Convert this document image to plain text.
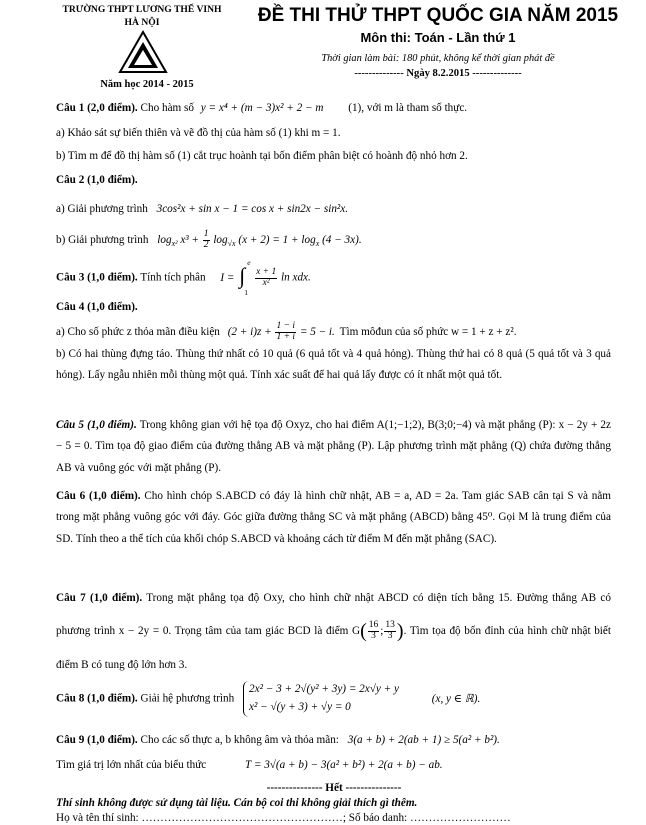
TRƯỜNG THPT LƯƠNG THẾ VINH
HÀ NỘI
Năm học 2014 - 2015
ĐỀ THI THỬ THPT QUỐC GIA NĂM 2015
Môn thi: Toán - Lần thứ 1
Thời gian làm bài: 180 phút, không kể thời gian phát đề
-------------- Ngày 8.2.2015 --------------
Câu 1 (2,0 điểm). Cho hàm số y = x⁴ + (m − 3)x² + 2 − m (1), với m là tham số thực.
a) Khảo sát sự biến thiên và vẽ đồ thị của hàm số (1) khi m = 1.
b) Tìm m để đồ thị hàm số (1) cắt trục hoành tại bốn điểm phân biệt có hoành độ nhỏ hơn 2.
Câu 2 (1,0 điểm).
a) Giải phương trình 3cos²x + sin x − 1 = cos x + sin2x − sin²x.
b) Giải phương trình $\log_{x^2} x^3 + \frac{1}{2} \log_{√x} (x + 2) = 1 + \log_x (4 - 3x)$.
Câu 3 (1,0 điểm). Tính tích phân I = ∫
e
1

$\frac{x + 1}{\text{x²}}$ ln xdx.
Câu 4 (1,0 điểm).
a) Cho số phức z thỏa mãn điều kiện $(2 + i)z + \frac{1 - i}{1 + i} = 5 - i$. Tìm môđun của số phức w = 1 + z + z².
b) Có hai thùng đựng táo. Thùng thứ nhất có 10 quả (6 quả tốt và 4 quả hỏng). Thùng thứ hai có 8 quả (5 quả tốt và 3 quả hỏng). Lấy ngẫu nhiên mỗi thùng một quả. Tính xác suất để hai quả lấy được có ít nhất một quả tốt.
Câu 5 (1,0 điểm). Trong không gian với hệ tọa độ Oxyz, cho hai điểm A(1;−1;2), B(3;0;−4) và mặt phẳng (P): x − 2y + 2z − 5 = 0. Tìm tọa độ giao điểm của đường thẳng AB và mặt phẳng (P). Lập phương trình mặt phẳng (Q) chứa đường thẳng AB và vuông góc với mặt phẳng (P).
Câu 6 (1,0 điểm). Cho hình chóp S.ABCD có đáy là hình chữ nhật, AB = a, AD = 2a. Tam giác SAB cân tại S và nằm trong mặt phẳng vuông góc với đáy. Góc giữa đường thẳng SC và mặt phẳng (ABCD) bằng 45⁰. Gọi M là trung điểm của SD. Tính theo a thể tích của khối chóp S.ABCD và khoảng cách từ điểm M đến mặt phẳng (SAC).
Câu 7 (1,0 điểm). Trong mặt phẳng tọa độ Oxy, cho hình chữ nhật ABCD có diện tích bằng 15. Đường thẳng AB có phương trình x − 2y = 0. Trọng tâm của tam giác BCD là điểm $G( \frac{16}{3}$ ; $\frac{13}{3}$ ). Tìm tọa độ bốn đỉnh của hình chữ nhật biết điểm B có tung độ lớn hơn 3.
Câu 8 (1,0 điểm). Giải hệ phương trình
2x² − 3 + 2√(y² + 3y) = 2x√y + y
x² − √(y + 3) + √y = 0
(x, y ∈ ℝ).
Câu 9 (1,0 điểm). Cho các số thực a, b không âm và thỏa mãn: 3(a + b) + 2(ab + 1) ≥ 5(a² + b²).
Tìm giá trị lớn nhất của biểu thức	T = 3√(a + b) − 3(a² + b²) + 2(a + b) − ab.
--------------- Hết ---------------
Thí sinh không được sử dụng tài liệu. Cán bộ coi thi không giải thích gì thêm.
Họ và tên thí sinh: ………………………………………………; Số báo danh: ………………………
